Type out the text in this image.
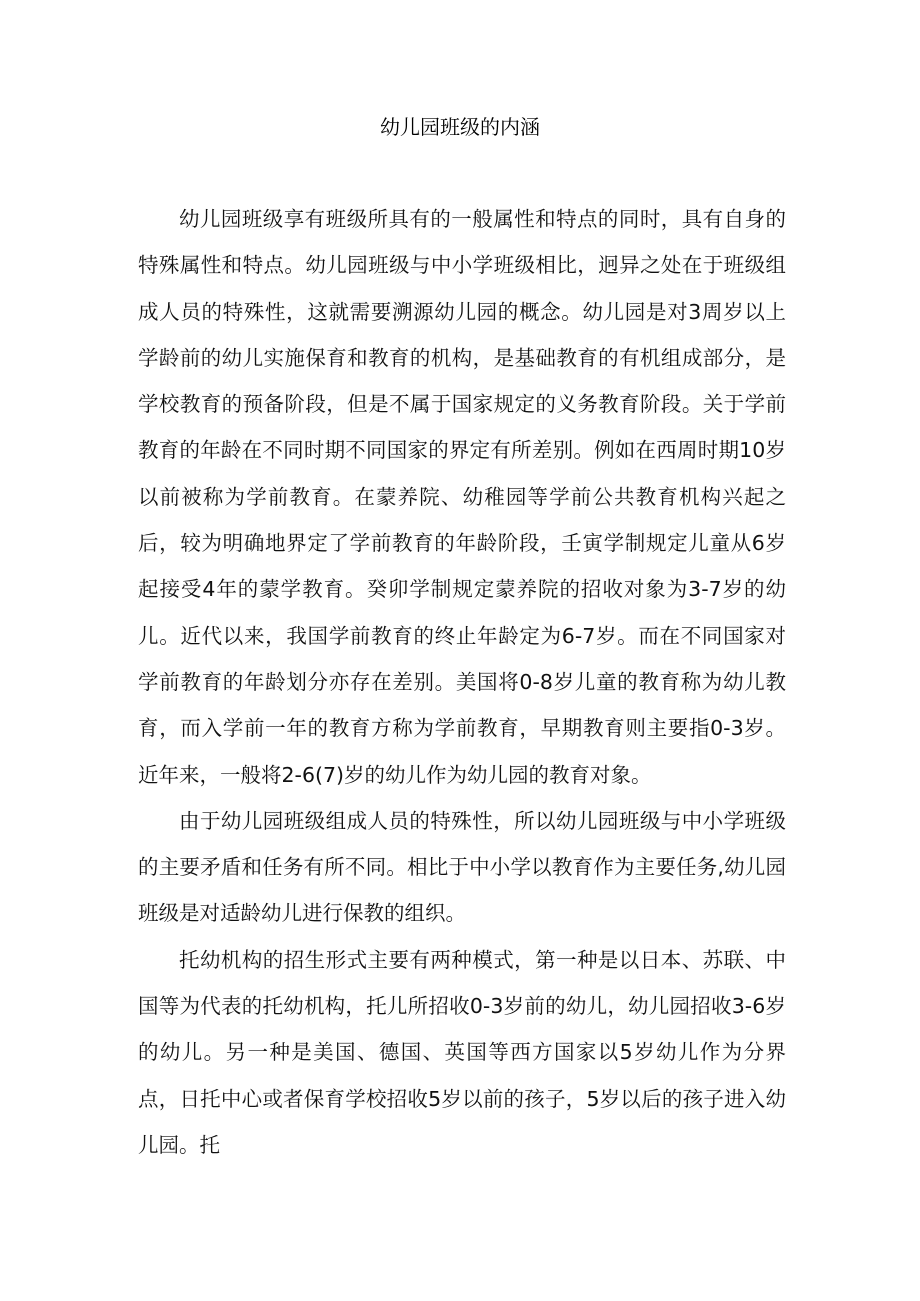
幼儿园班级的内涵

幼儿园班级享有班级所具有的一般属性和特点的同时，具有自身的特殊属性和特点。幼儿园班级与中小学班级相比，迥异之处在于班级组成人员的特殊性，这就需要溯源幼儿园的概念。幼儿园是对3周岁以上学龄前的幼儿实施保育和教育的机构，是基础教育的有机组成部分，是学校教育的预备阶段，但是不属于国家规定的义务教育阶段。关于学前教育的年龄在不同时期不同国家的界定有所差别。例如在西周时期10岁以前被称为学前教育。在蒙养院、幼稚园等学前公共教育机构兴起之后，较为明确地界定了学前教育的年龄阶段，壬寅学制规定儿童从6岁起接受4年的蒙学教育。癸卯学制规定蒙养院的招收对象为3-7岁的幼儿。近代以来，我国学前教育的终止年龄定为6-7岁。而在不同国家对学前教育的年龄划分亦存在差别。美国将0-8岁儿童的教育称为幼儿教育，而入学前一年的教育方称为学前教育，早期教育则主要指0-3岁。近年来，一般将2-6(7)岁的幼儿作为幼儿园的教育对象。

由于幼儿园班级组成人员的特殊性，所以幼儿园班级与中小学班级的主要矛盾和任务有所不同。相比于中小学以教育作为主要任务,幼儿园班级是对适龄幼儿进行保教的组织。

托幼机构的招生形式主要有两种模式，第一种是以日本、苏联、中国等为代表的托幼机构，托儿所招收0-3岁前的幼儿，幼儿园招收3-6岁的幼儿。另一种是美国、德国、英国等西方国家以5岁幼儿作为分界点，日托中心或者保育学校招收5岁以前的孩子，5岁以后的孩子进入幼儿园。托
